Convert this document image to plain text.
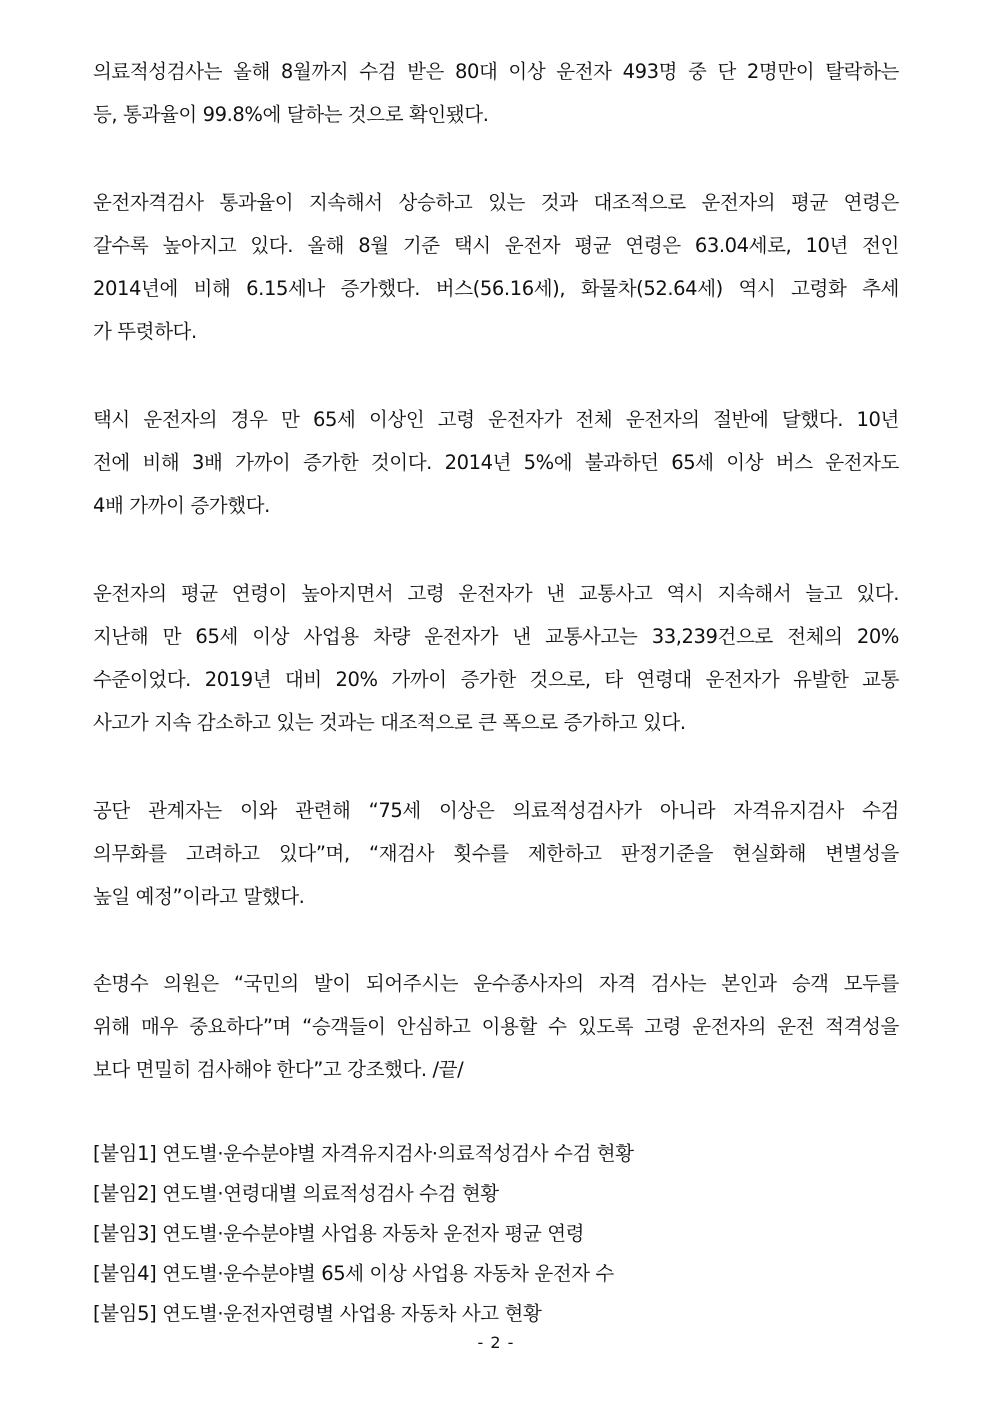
의료적성검사는 올해 8월까지 수검 받은 80대 이상 운전자 493명 중 단 2명만이 탈락하는
등, 통과율이 99.8%에 달하는 것으로 확인됐다.

운전자격검사 통과율이 지속해서 상승하고 있는 것과 대조적으로 운전자의 평균 연령은
갈수록 높아지고 있다. 올해 8월 기준 택시 운전자 평균 연령은 63.04세로, 10년 전인
2014년에 비해 6.15세나 증가했다. 버스(56.16세), 화물차(52.64세) 역시 고령화 추세
가 뚜렷하다.

택시 운전자의 경우 만 65세 이상인 고령 운전자가 전체 운전자의 절반에 달했다. 10년
전에 비해 3배 가까이 증가한 것이다. 2014년 5%에 불과하던 65세 이상 버스 운전자도
4배 가까이 증가했다.

운전자의 평균 연령이 높아지면서 고령 운전자가 낸 교통사고 역시 지속해서 늘고 있다.
지난해 만 65세 이상 사업용 차량 운전자가 낸 교통사고는 33,239건으로 전체의 20%
수준이었다. 2019년 대비 20% 가까이 증가한 것으로, 타 연령대 운전자가 유발한 교통
사고가 지속 감소하고 있는 것과는 대조적으로 큰 폭으로 증가하고 있다.

공단 관계자는 이와 관련해 “75세 이상은 의료적성검사가 아니라 자격유지검사 수검
의무화를 고려하고 있다”며, “재검사 횟수를 제한하고 판정기준을 현실화해 변별성을
높일 예정”이라고 말했다.

손명수 의원은 “국민의 발이 되어주시는 운수종사자의 자격 검사는 본인과 승객 모두를
위해 매우 중요하다”며 “승객들이 안심하고 이용할 수 있도록 고령 운전자의 운전 적격성을
보다 면밀히 검사해야 한다”고 강조했다. /끝/

[붙임1] 연도별·운수분야별 자격유지검사·의료적성검사 수검 현황
[붙임2] 연도별·연령대별 의료적성검사 수검 현황
[붙임3] 연도별·운수분야별 사업용 자동차 운전자 평균 연령
[붙임4] 연도별·운수분야별 65세 이상 사업용 자동차 운전자 수
[붙임5] 연도별·운전자연령별 사업용 자동차 사고 현황
- 2 -
